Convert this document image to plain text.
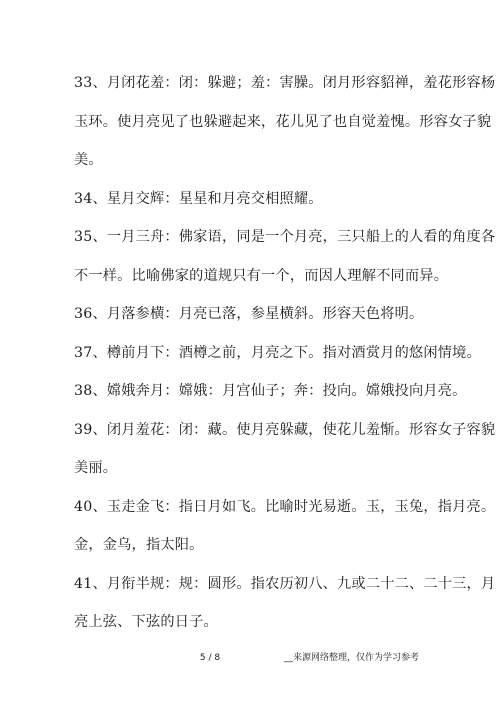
33、月闭花羞：闭：躲避；羞：害臊。闭月形容貂禅，羞花形容杨
玉环。使月亮见了也躲避起来，花儿见了也自觉羞愧。形容女子貌
美。
34、星月交辉：星星和月亮交相照耀。
35、一月三舟：佛家语，同是一个月亮，三只船上的人看的角度各
不一样。比喻佛家的道规只有一个，而因人理解不同而异。
36、月落参横：月亮已落，参星横斜。形容天色将明。
37、樽前月下：酒樽之前，月亮之下。指对酒赏月的悠闲情境。
38、嫦娥奔月：嫦娥：月宫仙子；奔：投向。嫦娥投向月亮。
39、闭月羞花：闭：藏。使月亮躲藏，使花儿羞惭。形容女子容貌
美丽。
40、玉走金飞：指日月如飞。比喻时光易逝。玉，玉兔，指月亮。
金，金乌，指太阳。
41、月衔半规：规：圆形。指农历初八、九或二十二、二十三，月
亮上弦、下弦的日子。
5 / 8	__来源网络整理，仅作为学习参考
